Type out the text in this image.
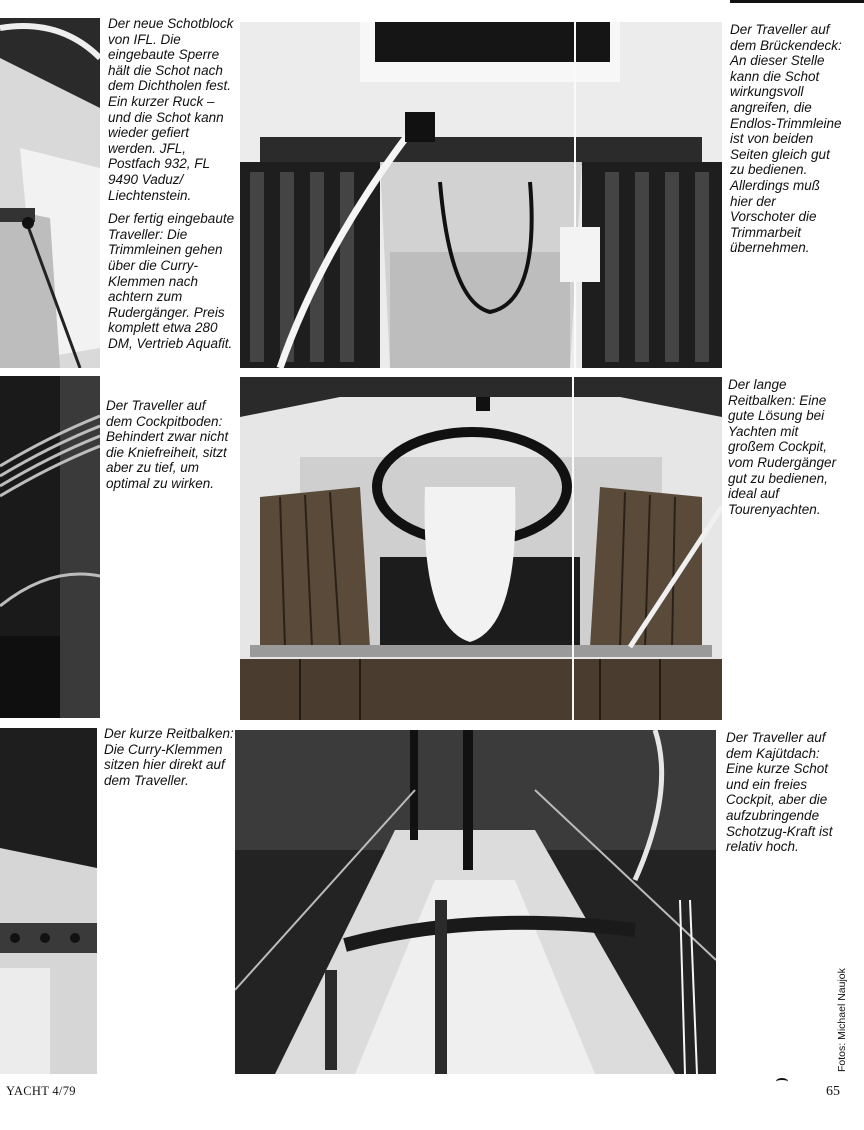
Der neue Schotblock von IFL. Die eingebaute Sperre hält die Schot nach dem Dichtholen fest. Ein kurzer Ruck – und die Schot kann wieder gefiert werden. JFL, Postfach 932, FL 9490 Vaduz/ Liechtenstein.

Der fertig eingebaute Traveller: Die Trimmleinen gehen über die Curry-Klemmen nach achtern zum Rudergänger. Preis komplett etwa 280 DM, Vertrieb Aquafit.

Der Traveller auf dem Brückendeck: An dieser Stelle kann die Schot wirkungsvoll angreifen, die Endlos-Trimmleine ist von beiden Seiten gleich gut zu bedienen. Allerdings muß hier der Vorschoter die Trimmarbeit übernehmen.
Der Traveller auf dem Cockpitboden: Behindert zwar nicht die Kniefreiheit, sitzt aber zu tief, um optimal zu wirken.
Der lange Reitbalken: Eine gute Lösung bei Yachten mit großem Cockpit, vom Rudergänger gut zu bedienen, ideal auf Tourenyachten.
Der kurze Reitbalken: Die Curry-Klemmen sitzen hier direkt auf dem Traveller.
Der Traveller auf dem Kajütdach: Eine kurze Schot und ein freies Cockpit, aber die aufzubringende Schotzug-Kraft ist relativ hoch.
YACHT 4/79	65
Fotos: Michael Naujok
